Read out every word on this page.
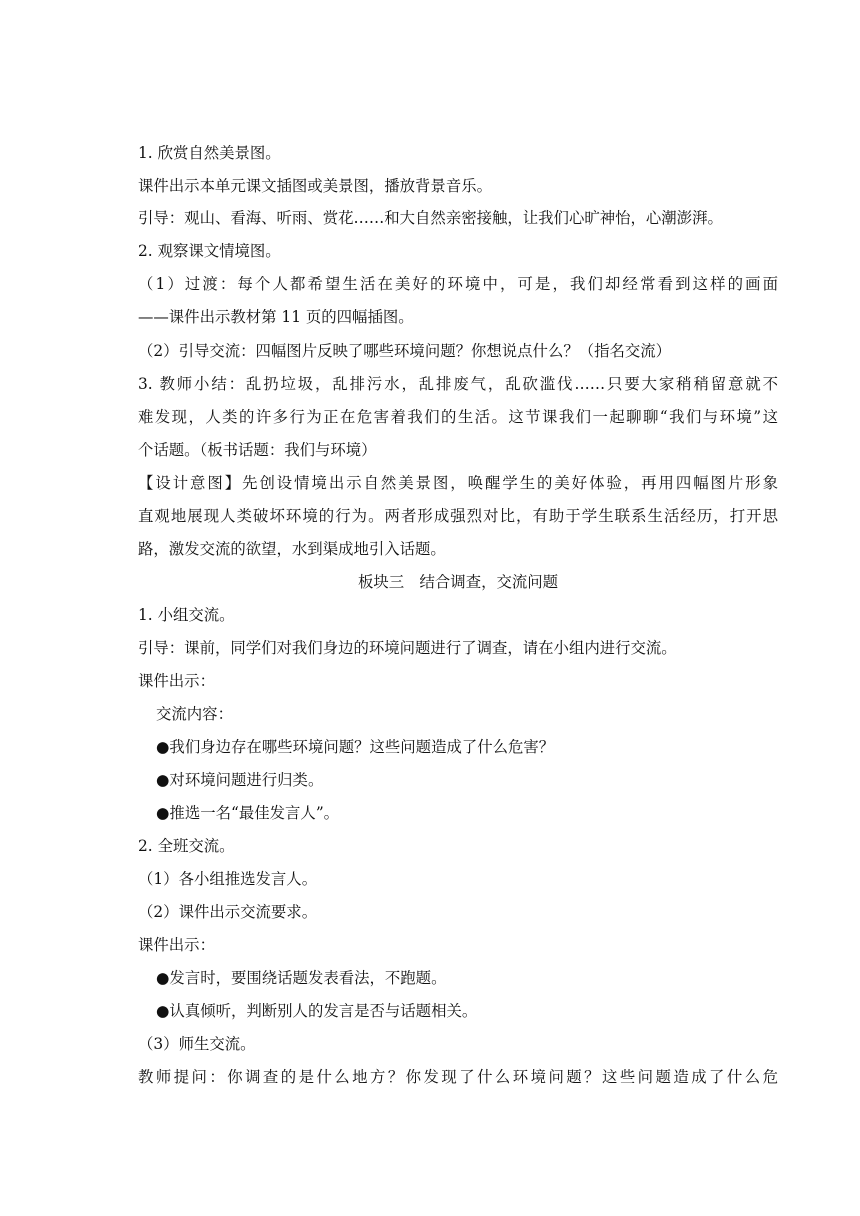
1. 欣赏自然美景图。
课件出示本单元课文插图或美景图，播放背景音乐。
引导：观山、看海、听雨、赏花……和大自然亲密接触，让我们心旷神怡，心潮澎湃。
2. 观察课文情境图。
（1）过渡：每个人都希望生活在美好的环境中，可是，我们却经常看到这样的画面
——课件出示教材第 11 页的四幅插图。
（2）引导交流：四幅图片反映了哪些环境问题？你想说点什么？（指名交流）
3. 教师小结：乱扔垃圾，乱排污水，乱排废气，乱砍滥伐……只要大家稍稍留意就不
难发现，人类的许多行为正在危害着我们的生活。这节课我们一起聊聊“我们与环境”这
个话题。（板书话题：我们与环境）
【设计意图】先创设情境出示自然美景图，唤醒学生的美好体验，再用四幅图片形象
直观地展现人类破坏环境的行为。两者形成强烈对比，有助于学生联系生活经历，打开思
路，激发交流的欲望，水到渠成地引入话题。
板块三　结合调查，交流问题
1. 小组交流。
引导：课前，同学们对我们身边的环境问题进行了调查，请在小组内进行交流。
课件出示：
交流内容：
●我们身边存在哪些环境问题？这些问题造成了什么危害？
●对环境问题进行归类。
●推选一名“最佳发言人”。
2. 全班交流。
（1）各小组推选发言人。
（2）课件出示交流要求。
课件出示：
●发言时，要围绕话题发表看法，不跑题。
●认真倾听，判断别人的发言是否与话题相关。
（3）师生交流。
教师提问：你调查的是什么地方？你发现了什么环境问题？这些问题造成了什么危
